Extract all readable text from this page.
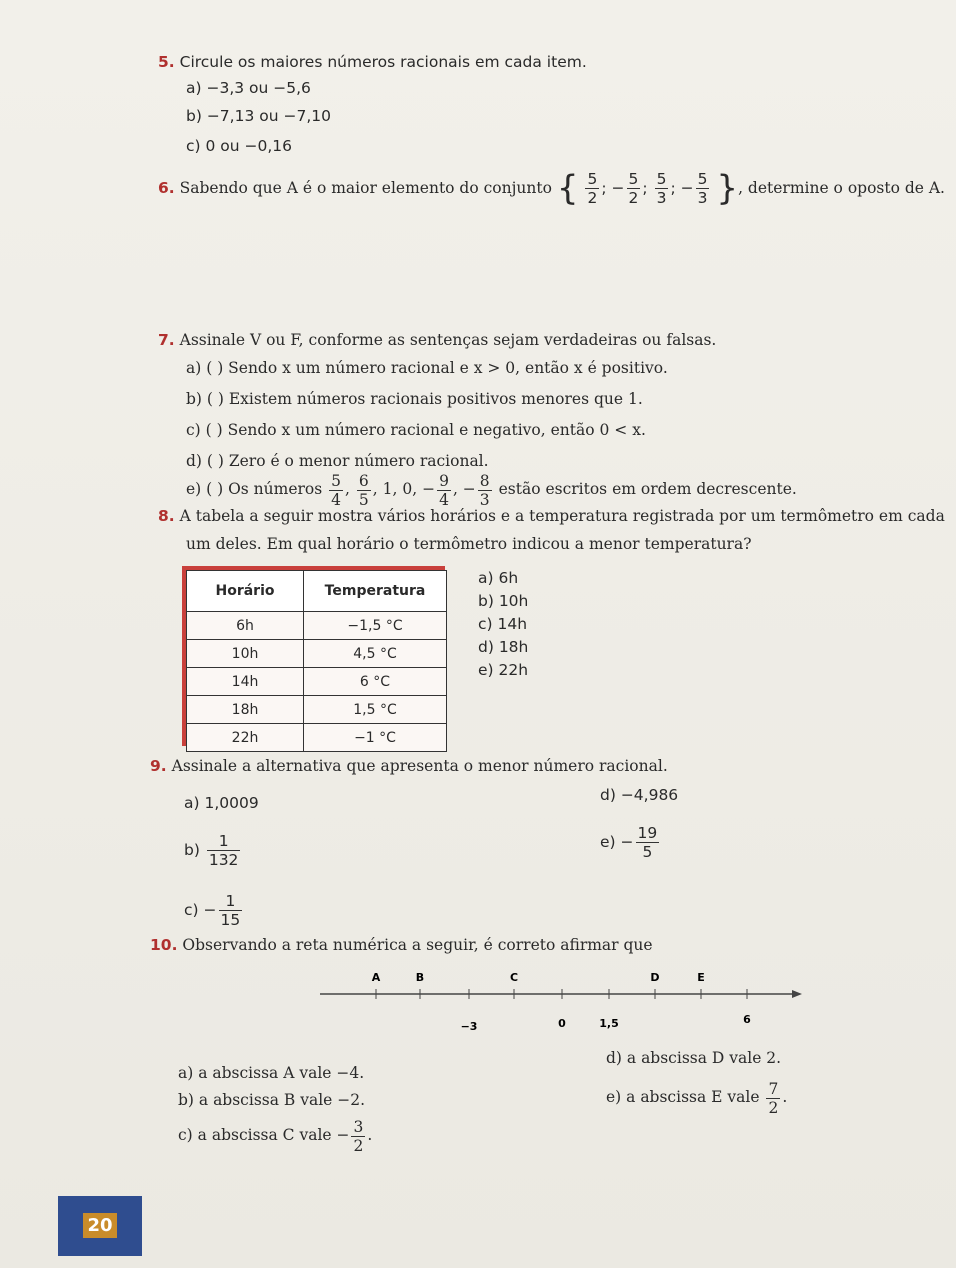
5. Circule os maiores números racionais em cada item.
a) −3,3 ou −5,6
b) −7,13 ou −7,10
c) 0 ou −0,16
6. Sabendo que A é o maior elemento do conjunto { $\frac{5}{2}$ ; − $\frac{5}{2}$ ; $\frac{5}{3}$ ; − $\frac{5}{3}$ }, determine o oposto de A.
7. Assinale V ou F, conforme as sentenças sejam verdadeiras ou falsas.
a) ( ) Sendo x um número racional e x > 0, então x é positivo.
b) ( ) Existem números racionais positivos menores que 1.
c) ( ) Sendo x um número racional e negativo, então 0 < x.
d) ( ) Zero é o menor número racional.
e) ( ) Os números $\frac{5}{4}$ , $\frac{6}{5}$ , 1, 0, − $\frac{9}{4}$ , − $\frac{8}{3}$ estão escritos em ordem decrescente.
8. A tabela a seguir mostra vários horários e a temperatura registrada por um termômetro em cada
um deles. Em qual horário o termômetro indicou a menor temperatura?
Horário	Temperatura
6h	−1,5 °C
10h	4,5 °C
14h	6 °C
18h	1,5 °C
22h	−1 °C
a) 6h
b) 10h
c) 14h
d) 18h
e) 22h
9. Assinale a alternativa que apresenta o menor número racional.
a) 1,0009
$b) \frac{1}{132}$
$c) - \frac{1}{15}$
d) −4,986
$e) - \frac{19}{5}$
10. Observando a reta numérica a seguir, é correto afirmar que
A	B	C	D	E
−3	0	1,5	6
a) a abscissa A vale −4.
b) a abscissa B vale −2.
c) a abscissa C vale − $\frac{3}{2}$ .
d) a abscissa D vale 2.
e) a abscissa E vale $\frac{7}{2}$ .
20
